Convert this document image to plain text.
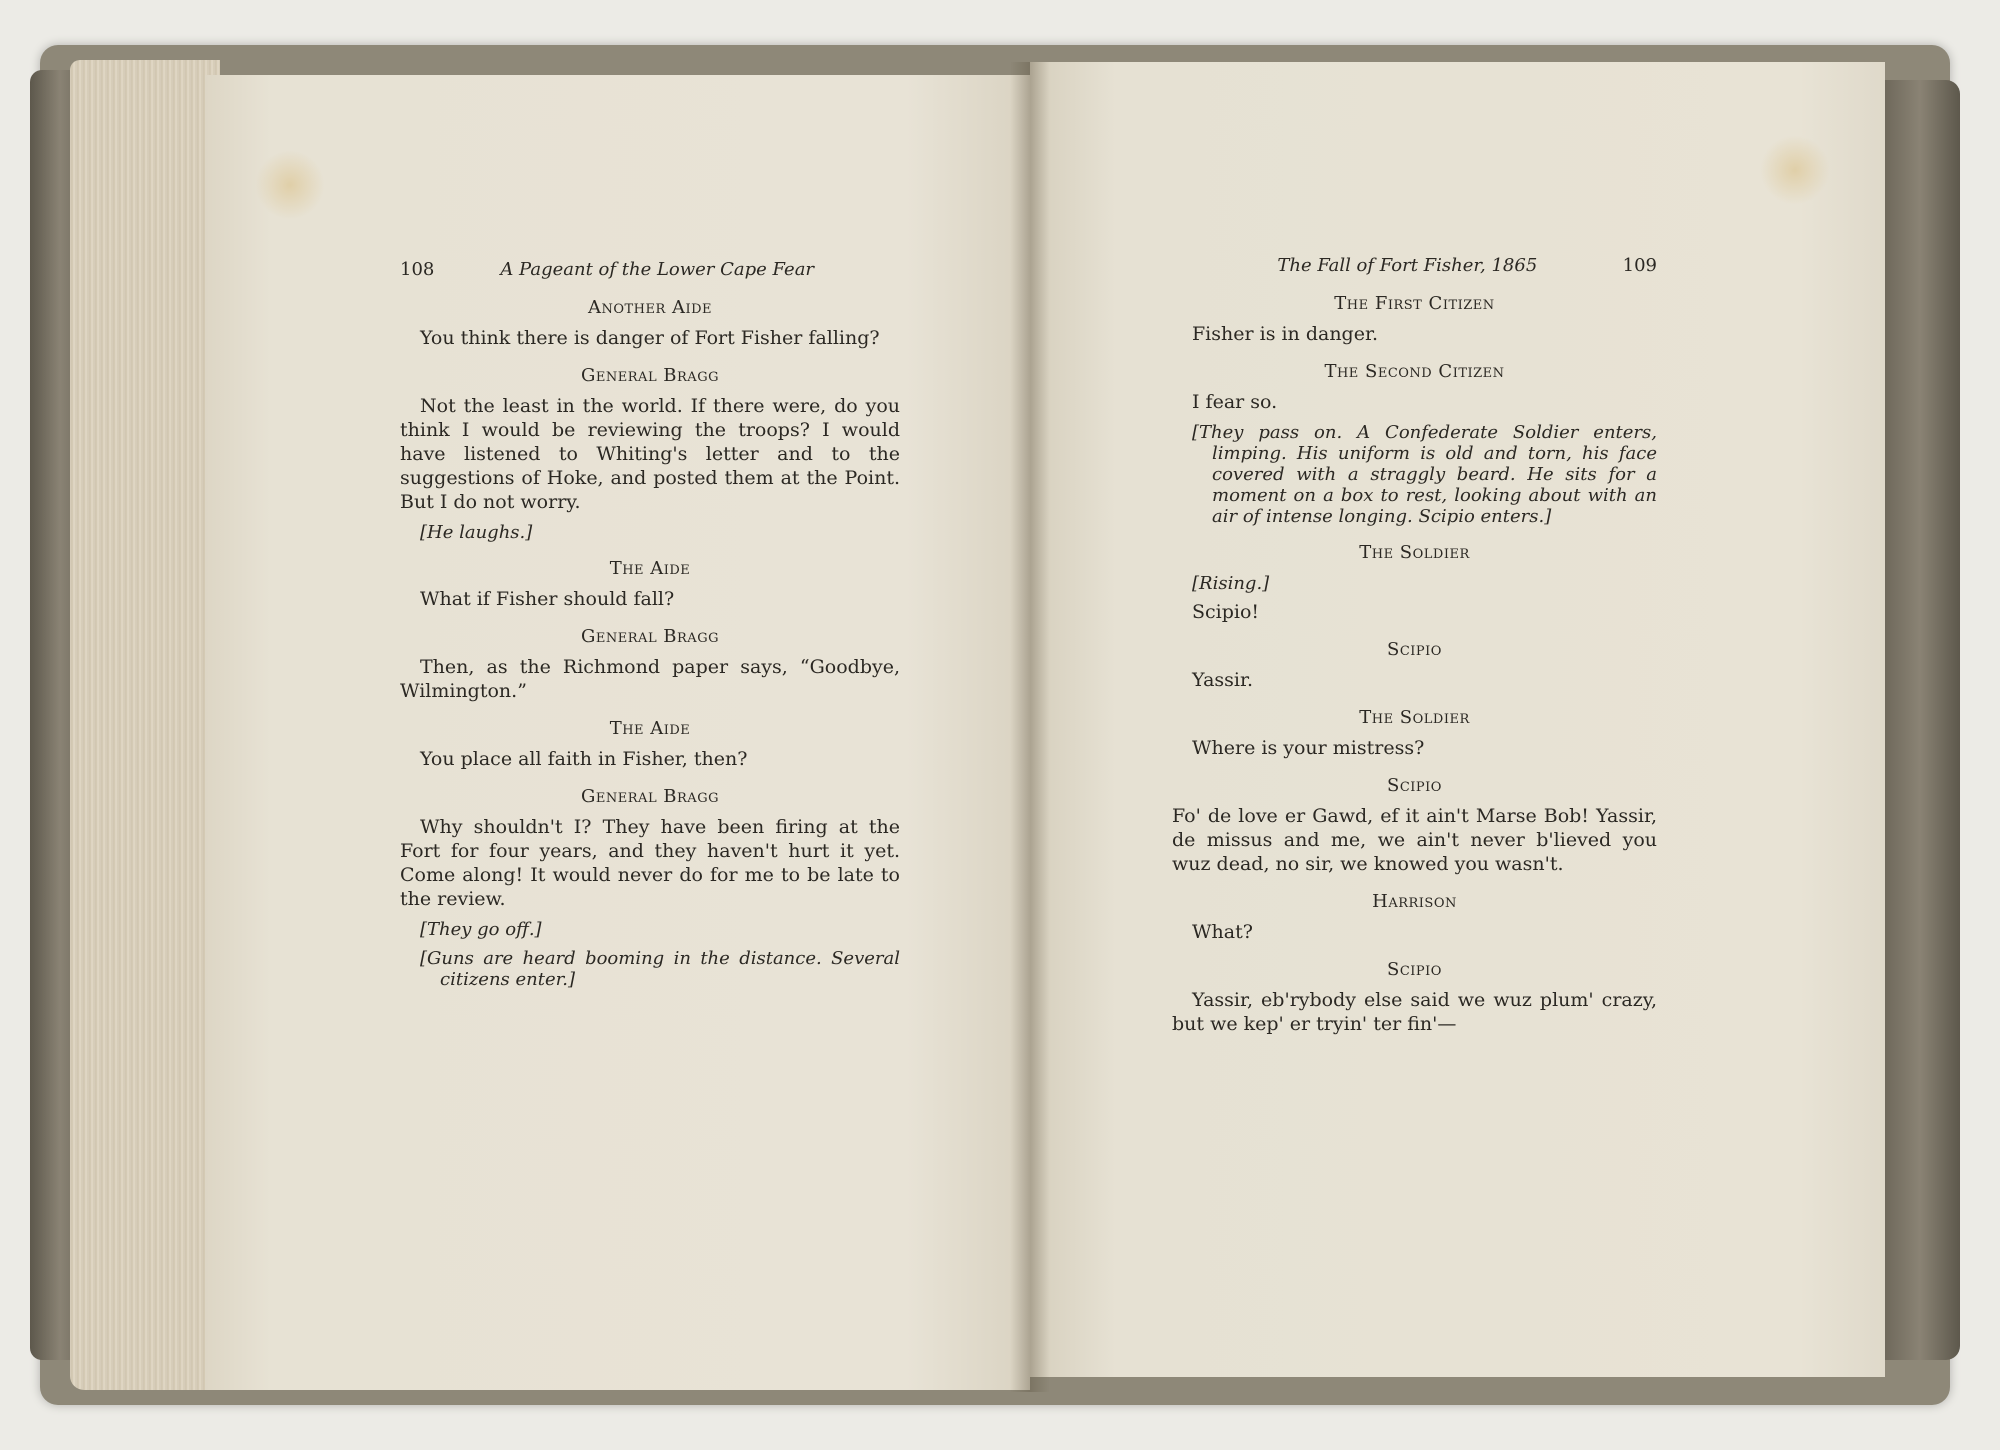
108	A Pageant of the Lower Cape Fear
Another Aide

You think there is danger of Fort Fisher falling?

General Bragg

Not the least in the world. If there were, do you think I would be reviewing the troops? I would have listened to Whiting's letter and to the suggestions of Hoke, and posted them at the Point. But I do not worry.

[He laughs.]

The Aide

What if Fisher should fall?

General Bragg

Then, as the Richmond paper says, “Goodbye, Wilmington.”

The Aide

You place all faith in Fisher, then?

General Bragg

Why shouldn't I? They have been firing at the Fort for four years, and they haven't hurt it yet. Come along! It would never do for me to be late to the review.

[They go off.]

[Guns are heard booming in the distance. Several citizens enter.]

The Fall of Fort Fisher, 1865	109
The First Citizen

Fisher is in danger.

The Second Citizen

I fear so.

[They pass on. A Confederate Soldier enters, limping. His uniform is old and torn, his face covered with a straggly beard. He sits for a moment on a box to rest, looking about with an air of intense longing. Scipio enters.]

The Soldier

[Rising.]

Scipio!

Scipio

Yassir.

The Soldier

Where is your mistress?

Scipio

Fo' de love er Gawd, ef it ain't Marse Bob! Yassir, de missus and me, we ain't never b'lieved you wuz dead, no sir, we knowed you wasn't.

Harrison

What?

Scipio

Yassir, eb'rybody else said we wuz plum' crazy, but we kep' er tryin' ter fin'—
